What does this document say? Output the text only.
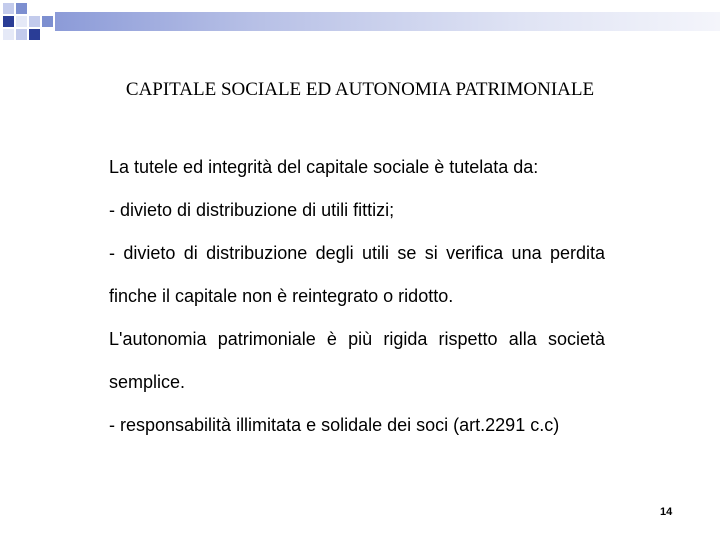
CAPITALE SOCIALE ED AUTONOMIA PATRIMONIALE

La tutele ed integrità del capitale sociale è tutelata da:

- divieto di distribuzione di utili fittizi;

- divieto di distribuzione degli utili se si verifica una perdita finche il capitale non è reintegrato o ridotto.

L'autonomia patrimoniale è più rigida rispetto alla società semplice.

- responsabilità illimitata e solidale dei soci (art.2291 c.c)

14
